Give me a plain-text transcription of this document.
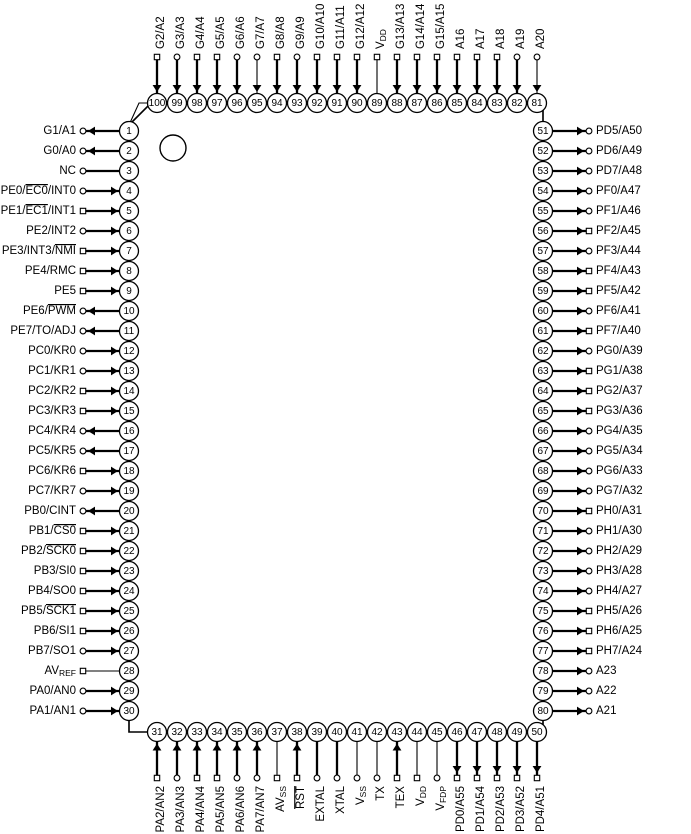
1
2
3
4
5
6
7
8
9
10
11
12
13
14
15
16
17
18
19
20
21
22
23
24
25
26
27
28
29
30
31 32 33 34 35 36 37 38 39 40 41 42 43 44 45 46 47 48 49 50
51
52
53
54
55
56
57
58
59
60
61
62
63
64
65
66
67
68
69
70
71
72
73
74
75
76
77
78
79
80
100 99 98 97 96 95 94 93 92 91 90 89 88 87 86 85 84 83 82 81
G1/A1
G0/A0
NC
PE0/EC0/INT0
PE1/EC1/INT1
PE2/INT2
PE3/INT3/NMI
PE4/RMC
PE5
PE6/PWM
PE7/TO/ADJ
PC0/KR0
PC1/KR1
PC2/KR2
PC3/KR3
PC4/KR4
PC5/KR5
PC6/KR6
PC7/KR7
PB0/CINT
PB1/CS0
PB2/SCK0
PB3/SI0
PB4/SO0
PB5/SCK1
PB6/SI1
PB7/SO1
AVREF
PA0/AN0
PA1/AN1
PA2/AN2 PA3/AN3 PA4/AN4 PA5/AN5 PA6/AN6 PA7/AN7 AVSS RST EXTAL XTAL VSS TX TEX VDD
VFDP PD0/A55 PD1/A54 PD2/A53 PD3/A52 PD4/A51
PD5/A50
PD6/A49
PD7/A48
PF0/A47
PF1/A46
PF2/A45
PF3/A44
PF4/A43
PF5/A42
PF6/A41
PF7/A40
PG0/A39
PG1/A38
PG2/A37
PG3/A36
PG4/A35
PG5/A34
PG6/A33
PG7/A32
PH0/A31
PH1/A30
PH2/A29
PH3/A28
PH4/A27
PH5/A26
PH6/A25
PH7/A24
A23
A22
A21
G2/A2 G3/A3 G4/A4 G5/A5 G6/A6 G7/A7 G8/A8 G9/A9 G10/A10 G11/A11 G12/A12 VDD G13/A13 G14/A14 G15/A15 A16 A17 A18 A19 A20
